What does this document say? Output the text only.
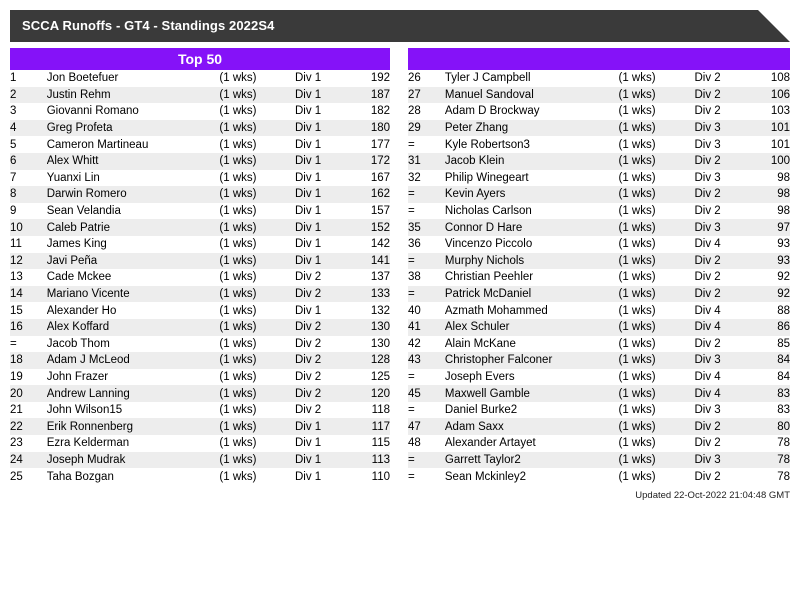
SCCA Runoffs - GT4 - Standings 2022S4
Top 50
1	Jon Boetefuer	(1 wks)	Div 1	192
2	Justin Rehm	(1 wks)	Div 1	187
3	Giovanni Romano	(1 wks)	Div 1	182
4	Greg Profeta	(1 wks)	Div 1	180
5	Cameron Martineau	(1 wks)	Div 1	177
6	Alex Whitt	(1 wks)	Div 1	172
7	Yuanxi Lin	(1 wks)	Div 1	167
8	Darwin Romero	(1 wks)	Div 1	162
9	Sean Velandia	(1 wks)	Div 1	157
10	Caleb Patrie	(1 wks)	Div 1	152
11	James King	(1 wks)	Div 1	142
12	Javi Peña	(1 wks)	Div 1	141
13	Cade Mckee	(1 wks)	Div 2	137
14	Mariano Vicente	(1 wks)	Div 2	133
15	Alexander Ho	(1 wks)	Div 1	132
16	Alex Koffard	(1 wks)	Div 2	130
=	Jacob Thom	(1 wks)	Div 2	130
18	Adam J McLeod	(1 wks)	Div 2	128
19	John Frazer	(1 wks)	Div 2	125
20	Andrew Lanning	(1 wks)	Div 2	120
21	John Wilson15	(1 wks)	Div 2	118
22	Erik Ronnenberg	(1 wks)	Div 1	117
23	Ezra Kelderman	(1 wks)	Div 1	115
24	Joseph Mudrak	(1 wks)	Div 1	113
25	Taha Bozgan	(1 wks)	Div 1	110
26	Tyler J Campbell	(1 wks)	Div 2	108
27	Manuel Sandoval	(1 wks)	Div 2	106
28	Adam D Brockway	(1 wks)	Div 2	103
29	Peter Zhang	(1 wks)	Div 3	101
=	Kyle Robertson3	(1 wks)	Div 3	101
31	Jacob Klein	(1 wks)	Div 2	100
32	Philip Winegeart	(1 wks)	Div 3	98
=	Kevin Ayers	(1 wks)	Div 2	98
=	Nicholas Carlson	(1 wks)	Div 2	98
35	Connor D Hare	(1 wks)	Div 3	97
36	Vincenzo Piccolo	(1 wks)	Div 4	93
=	Murphy Nichols	(1 wks)	Div 2	93
38	Christian Peehler	(1 wks)	Div 2	92
=	Patrick McDaniel	(1 wks)	Div 2	92
40	Azmath Mohammed	(1 wks)	Div 4	88
41	Alex Schuler	(1 wks)	Div 4	86
42	Alain McKane	(1 wks)	Div 2	85
43	Christopher Falconer	(1 wks)	Div 3	84
=	Joseph Evers	(1 wks)	Div 4	84
45	Maxwell Gamble	(1 wks)	Div 4	83
=	Daniel Burke2	(1 wks)	Div 3	83
47	Adam Saxx	(1 wks)	Div 2	80
48	Alexander Artayet	(1 wks)	Div 2	78
=	Garrett Taylor2	(1 wks)	Div 3	78
=	Sean Mckinley2	(1 wks)	Div 2	78
Updated 22-Oct-2022 21:04:48 GMT
